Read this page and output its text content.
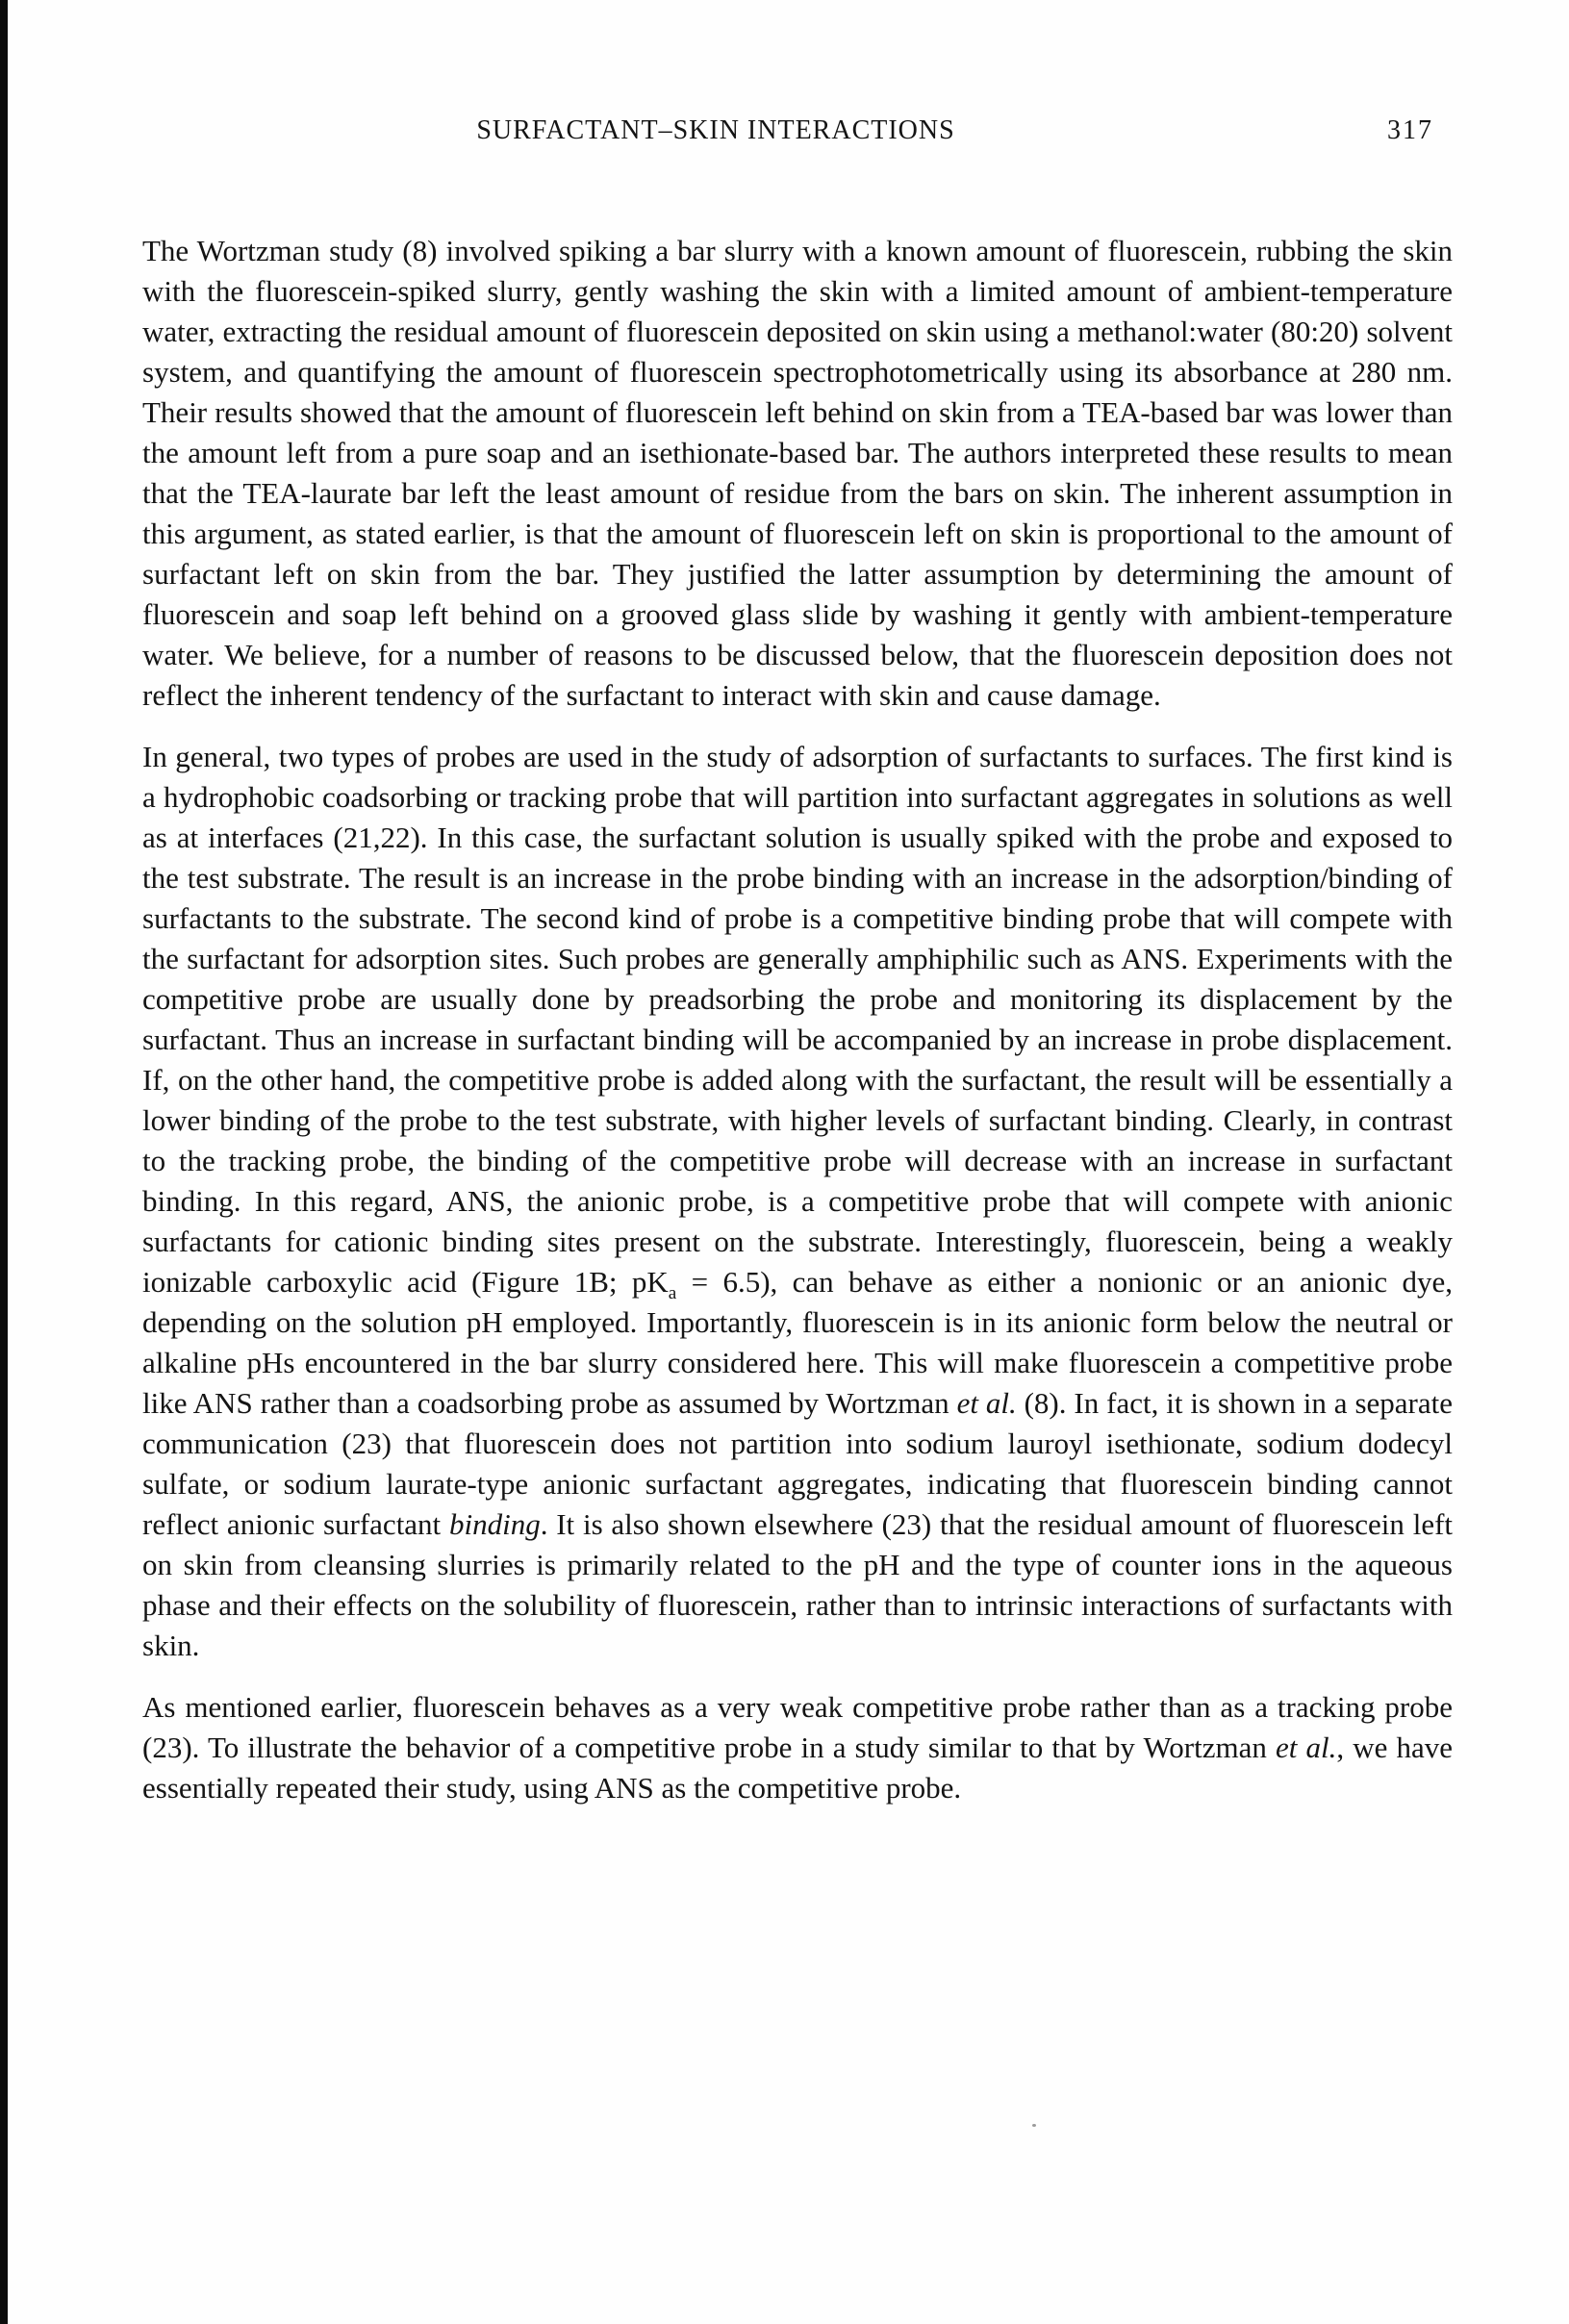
SURFACTANT–SKIN INTERACTIONS	317

The Wortzman study (8) involved spiking a bar slurry with a known amount of fluorescein, rubbing the skin with the fluorescein-spiked slurry, gently washing the skin with a limited amount of ambient-temperature water, extracting the residual amount of fluorescein deposited on skin using a methanol:water (80:20) solvent system, and quantifying the amount of fluorescein spectrophotometrically using its absorbance at 280 nm. Their results showed that the amount of fluorescein left behind on skin from a TEA-based bar was lower than the amount left from a pure soap and an isethionate-based bar. The authors interpreted these results to mean that the TEA-laurate bar left the least amount of residue from the bars on skin. The inherent assumption in this argument, as stated earlier, is that the amount of fluorescein left on skin is proportional to the amount of surfactant left on skin from the bar. They justified the latter assumption by determining the amount of fluorescein and soap left behind on a grooved glass slide by washing it gently with ambient-temperature water. We believe, for a number of reasons to be discussed below, that the fluorescein deposition does not reflect the inherent tendency of the surfactant to interact with skin and cause damage.

In general, two types of probes are used in the study of adsorption of surfactants to surfaces. The first kind is a hydrophobic coadsorbing or tracking probe that will partition into surfactant aggregates in solutions as well as at interfaces (21,22). In this case, the surfactant solution is usually spiked with the probe and exposed to the test substrate. The result is an increase in the probe binding with an increase in the adsorption/binding of surfactants to the substrate. The second kind of probe is a competitive binding probe that will compete with the surfactant for adsorption sites. Such probes are generally amphiphilic such as ANS. Experiments with the competitive probe are usually done by preadsorbing the probe and monitoring its displacement by the surfactant. Thus an increase in surfactant binding will be accompanied by an increase in probe displacement. If, on the other hand, the competitive probe is added along with the surfactant, the result will be essentially a lower binding of the probe to the test substrate, with higher levels of surfactant binding. Clearly, in contrast to the tracking probe, the binding of the competitive probe will decrease with an increase in surfactant binding. In this regard, ANS, the anionic probe, is a competitive probe that will compete with anionic surfactants for cationic binding sites present on the substrate. Interestingly, fluorescein, being a weakly ionizable carboxylic acid (Figure 1B; $pK_a = 6.5$), can behave as either a nonionic or an anionic dye, depending on the solution pH employed. Importantly, fluorescein is in its anionic form below the neutral or alkaline pHs encountered in the bar slurry considered here. This will make fluorescein a competitive probe like ANS rather than a coadsorbing probe as assumed by Wortzman et al. (8). In fact, it is shown in a separate communication (23) that fluorescein does not partition into sodium lauroyl isethionate, sodium dodecyl sulfate, or sodium laurate-type anionic surfactant aggregates, indicating that fluorescein binding cannot reflect anionic surfactant binding. It is also shown elsewhere (23) that the residual amount of fluorescein left on skin from cleansing slurries is primarily related to the pH and the type of counter ions in the aqueous phase and their effects on the solubility of fluorescein, rather than to intrinsic interactions of surfactants with skin.

As mentioned earlier, fluorescein behaves as a very weak competitive probe rather than as a tracking probe (23). To illustrate the behavior of a competitive probe in a study similar to that by Wortzman et al., we have essentially repeated their study, using ANS as the competitive probe.
